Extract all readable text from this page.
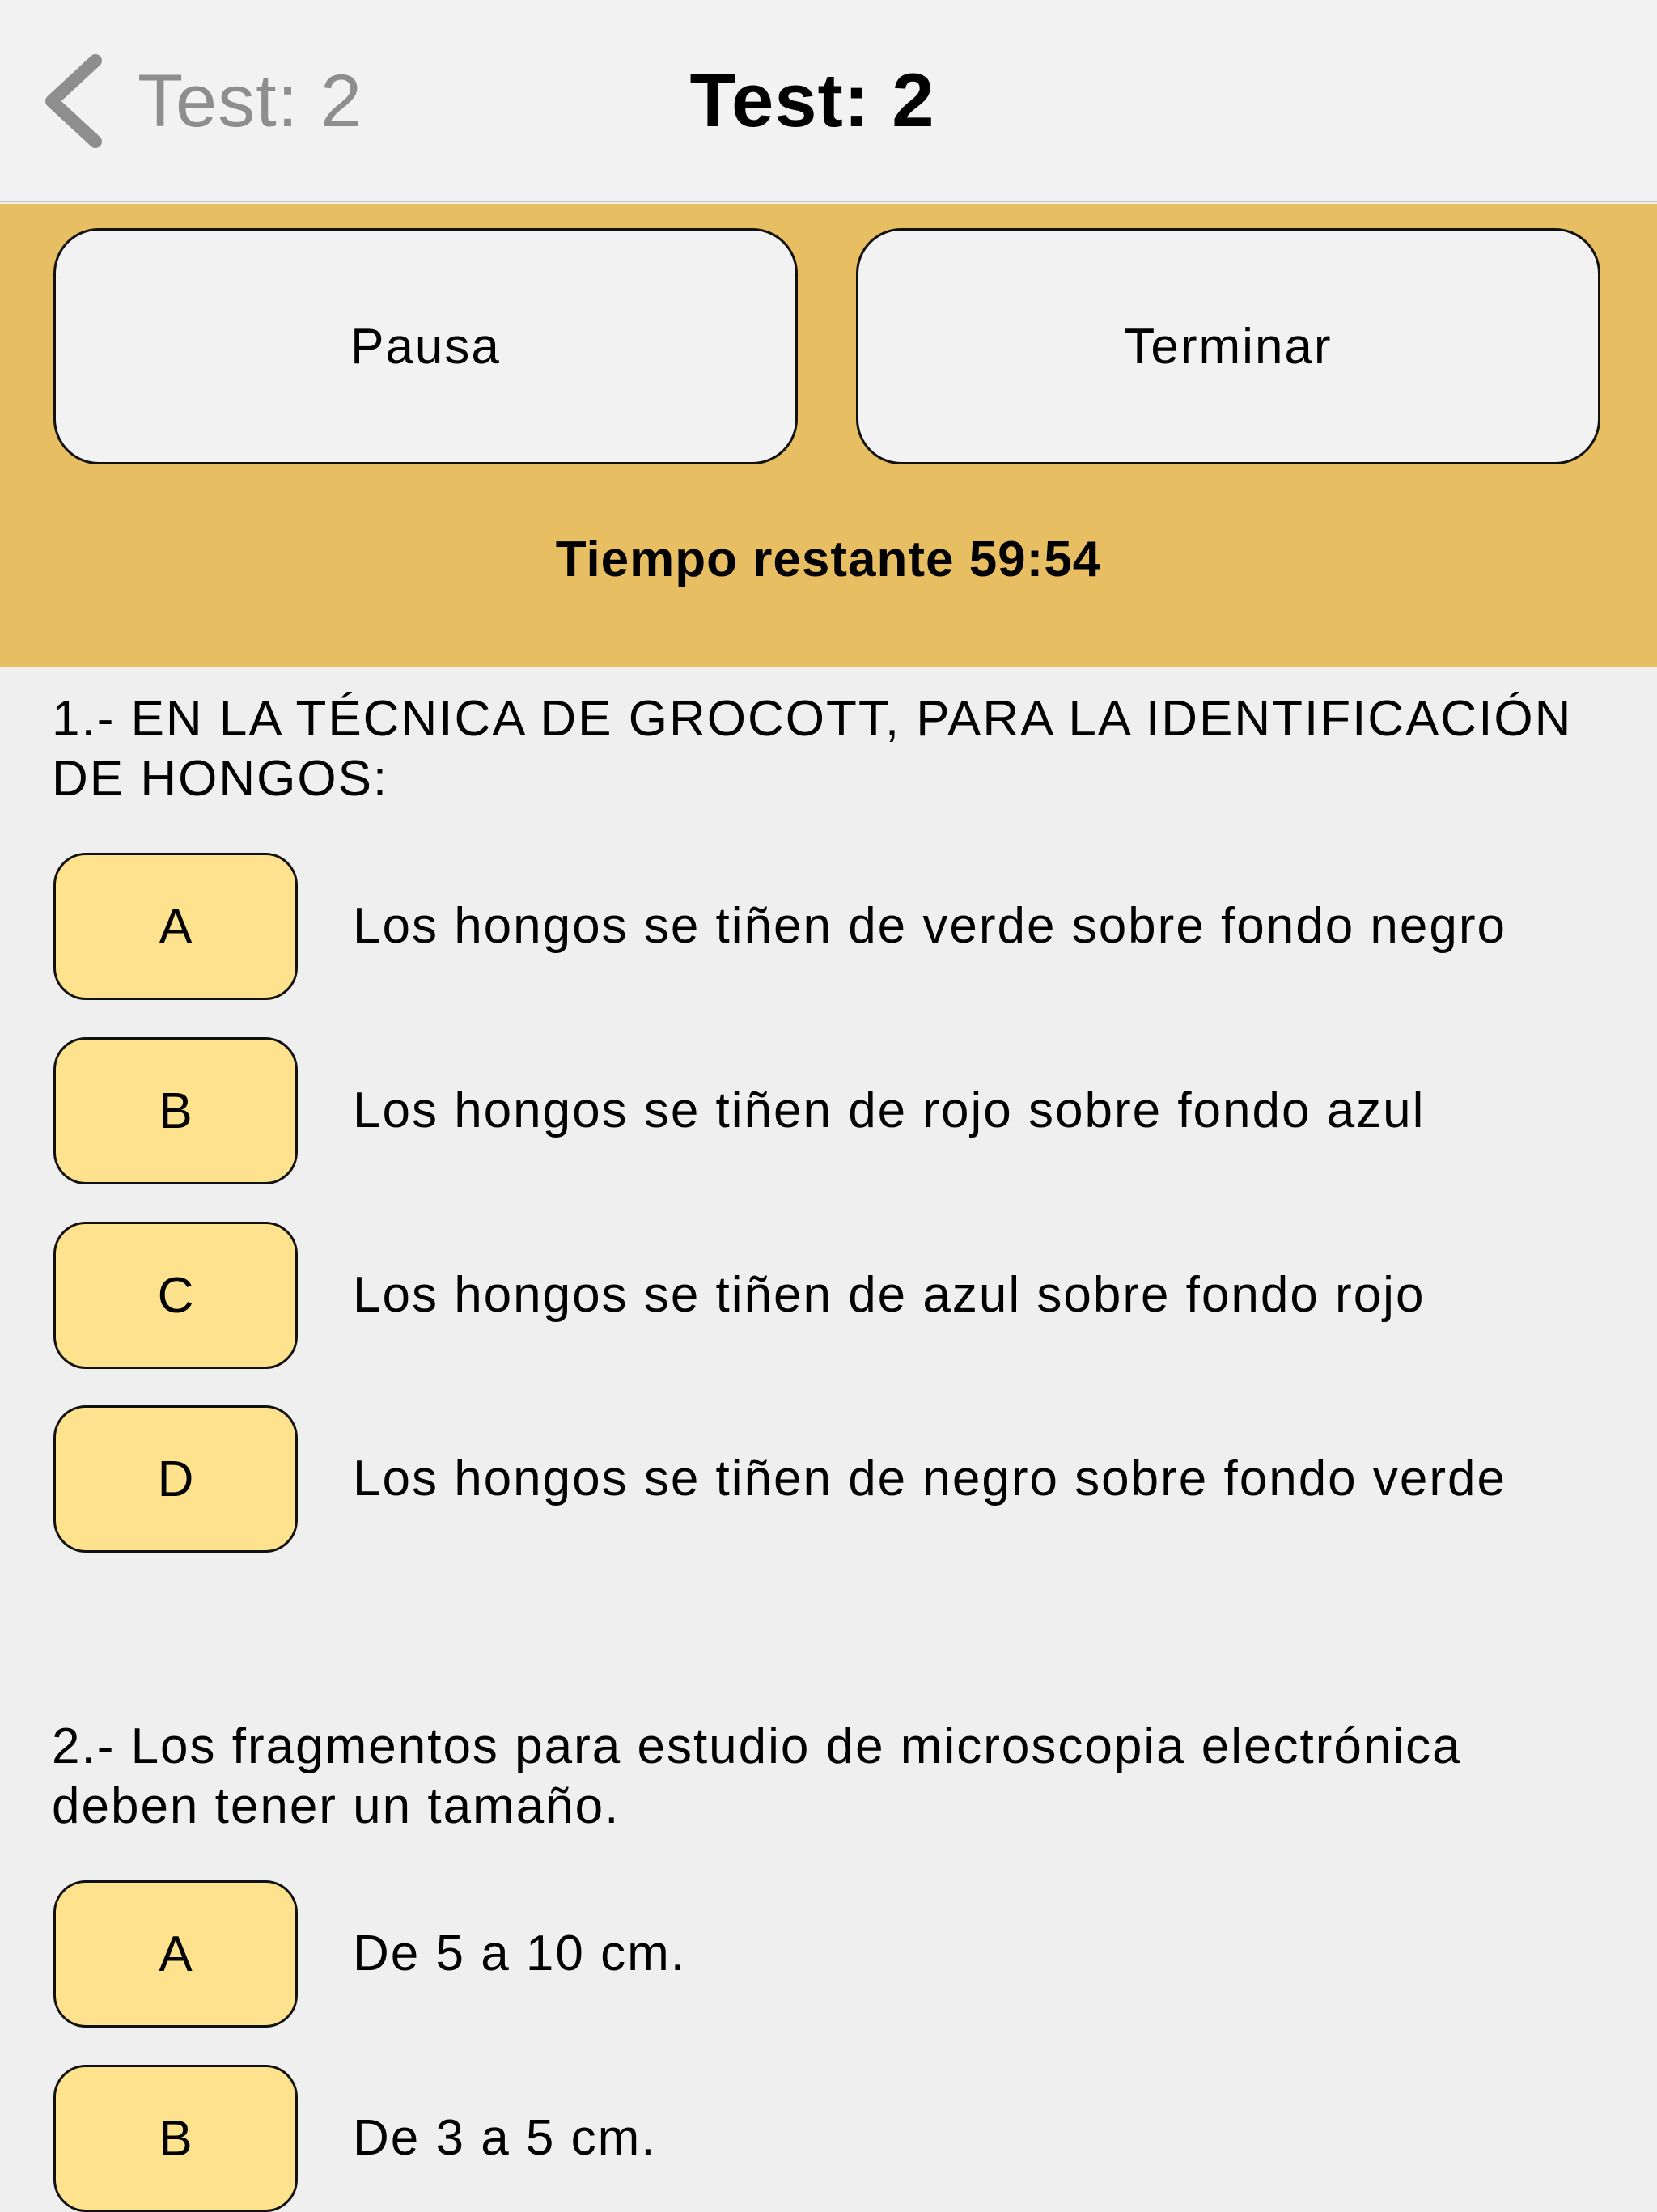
Test: 2	Test: 2
Pausa	Terminar
Tiempo restante 59:54
1.- EN LA TÉCNICA DE GROCOTT, PARA LA IDENTIFICACIÓN DE HONGOS:
A	Los hongos se tiñen de verde sobre fondo negro
B	Los hongos se tiñen de rojo sobre fondo azul
C	Los hongos se tiñen de azul sobre fondo rojo
D	Los hongos se tiñen de negro sobre fondo verde
2.- Los fragmentos para estudio de microscopia electrónica deben tener un tamaño.
A	De 5 a 10 cm.
B	De 3 a 5 cm.
